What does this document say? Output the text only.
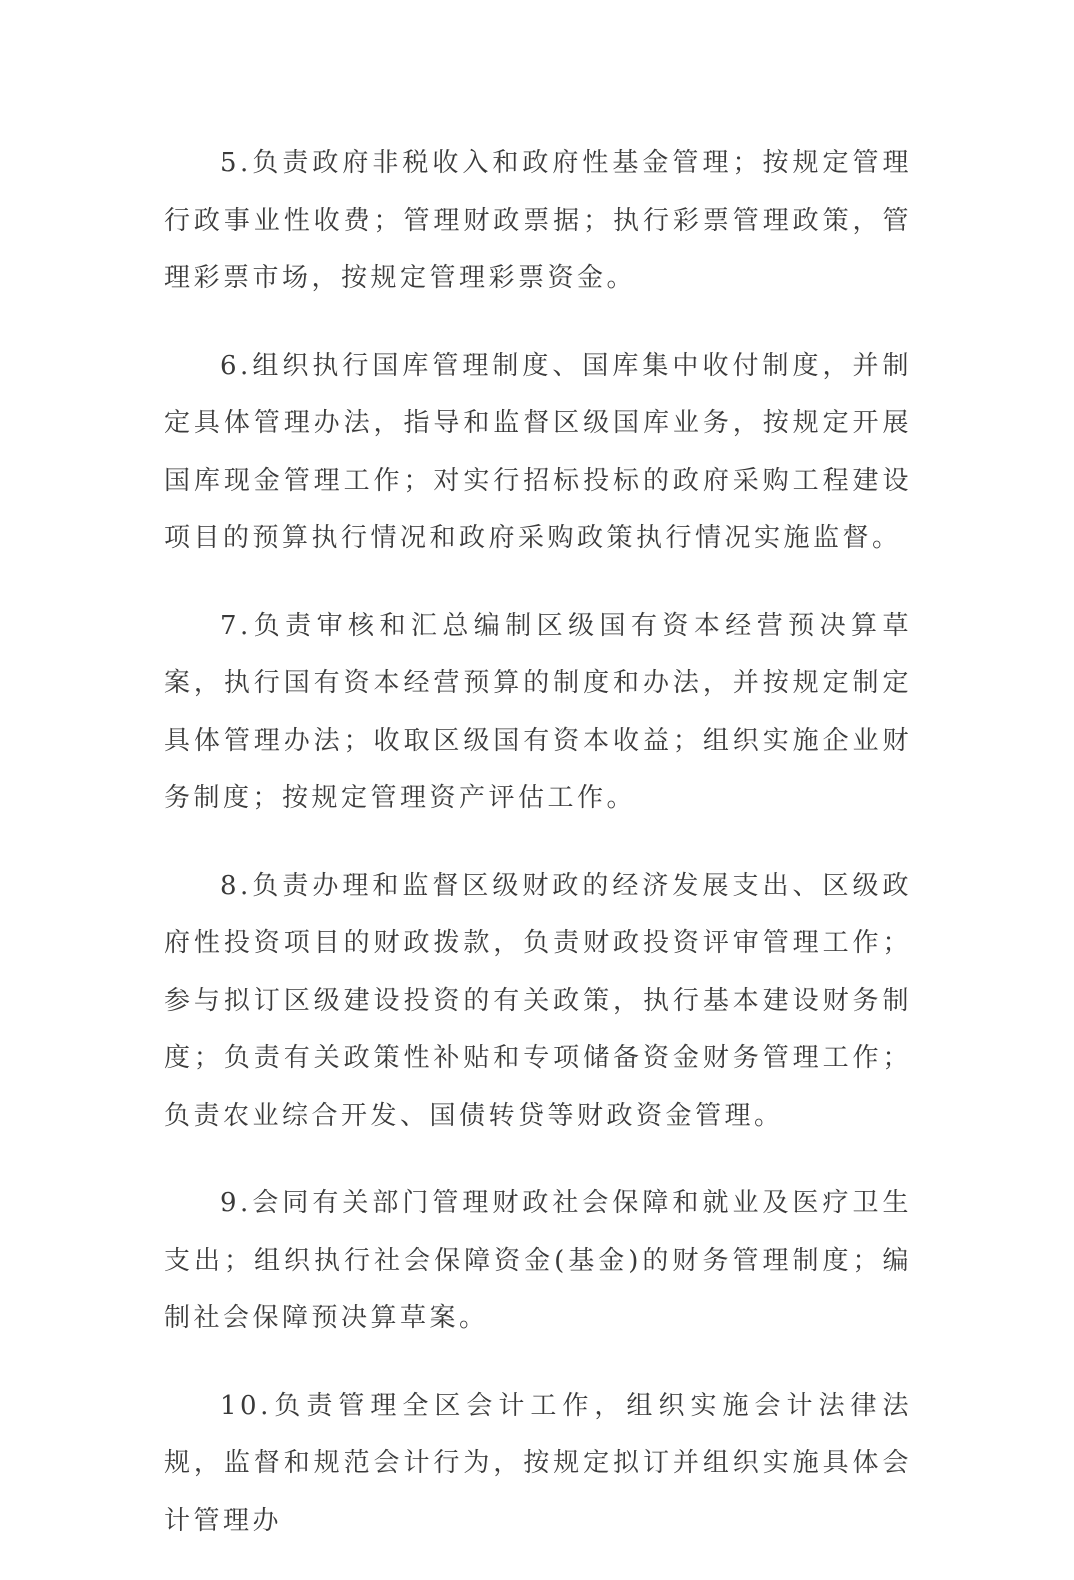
5.负责政府非税收入和政府性基金管理；按规定管理行政事业性收费；管理财政票据；执行彩票管理政策，管理彩票市场，按规定管理彩票资金。

6.组织执行国库管理制度、国库集中收付制度，并制定具体管理办法，指导和监督区级国库业务，按规定开展国库现金管理工作；对实行招标投标的政府采购工程建设项目的预算执行情况和政府采购政策执行情况实施监督。

7.负责审核和汇总编制区级国有资本经营预决算草案，执行国有资本经营预算的制度和办法，并按规定制定具体管理办法；收取区级国有资本收益；组织实施企业财务制度；按规定管理资产评估工作。

8.负责办理和监督区级财政的经济发展支出、区级政府性投资项目的财政拨款，负责财政投资评审管理工作；参与拟订区级建设投资的有关政策，执行基本建设财务制度；负责有关政策性补贴和专项储备资金财务管理工作；负责农业综合开发、国债转贷等财政资金管理。

9.会同有关部门管理财政社会保障和就业及医疗卫生支出；组织执行社会保障资金(基金)的财务管理制度；编制社会保障预决算草案。

10.负责管理全区会计工作，组织实施会计法律法规，监督和规范会计行为，按规定拟订并组织实施具体会计管理办
